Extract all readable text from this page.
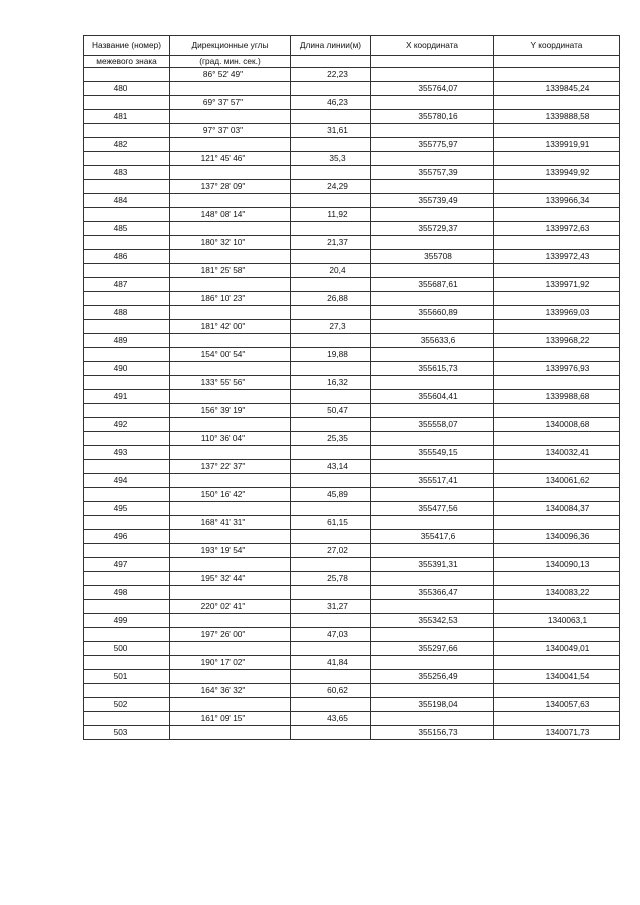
Название (номер)	Дирекционные углы	Длина линии(м)	X координата	Y координата
межевого знака	(град. мин. сек.)			
	86° 52' 49"	22,23		
480			355764,07	1339845,24
	69° 37' 57"	46,23		
481			355780,16	1339888,58
	97° 37' 03"	31,61		
482			355775,97	1339919,91
	121° 45' 46"	35,3		
483			355757,39	1339949,92
	137° 28' 09"	24,29		
484			355739,49	1339966,34
	148° 08' 14"	11,92		
485			355729,37	1339972,63
	180° 32' 10"	21,37		
486			355708	1339972,43
	181° 25' 58"	20,4		
487			355687,61	1339971,92
	186° 10' 23"	26,88		
488			355660,89	1339969,03
	181° 42' 00"	27,3		
489			355633,6	1339968,22
	154° 00' 54"	19,88		
490			355615,73	1339976,93
	133° 55' 56"	16,32		
491			355604,41	1339988,68
	156° 39' 19"	50,47		
492			355558,07	1340008,68
	110° 36' 04"	25,35		
493			355549,15	1340032,41
	137° 22' 37"	43,14		
494			355517,41	1340061,62
	150° 16' 42"	45,89		
495			355477,56	1340084,37
	168° 41' 31"	61,15		
496			355417,6	1340096,36
	193° 19' 54"	27,02		
497			355391,31	1340090,13
	195° 32' 44"	25,78		
498			355366,47	1340083,22
	220° 02' 41"	31,27		
499			355342,53	1340063,1
	197° 26' 00"	47,03		
500			355297,66	1340049,01
	190° 17' 02"	41,84		
501			355256,49	1340041,54
	164° 36' 32"	60,62		
502			355198,04	1340057,63
	161° 09' 15"	43,65		
503			355156,73	1340071,73
